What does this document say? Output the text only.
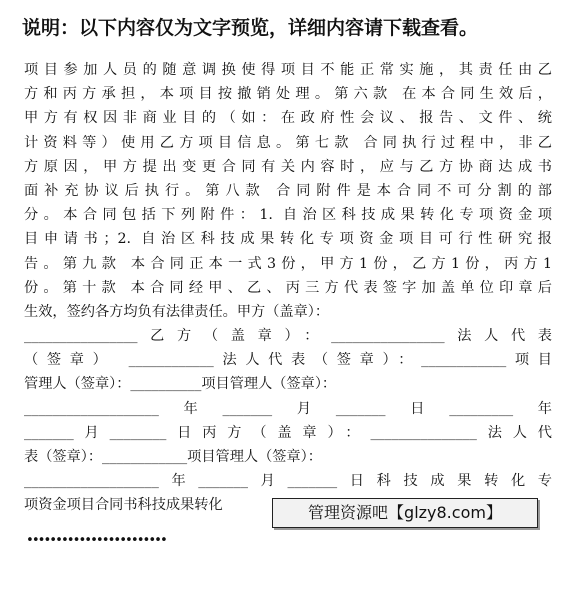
说明：以下内容仅为文字预览，详细内容请下载查看。
项目参加人员的随意调换使得项目不能正常实施，其责任由乙
方和丙方承担，本项目按撤销处理。第六款 在本合同生效后，
甲方有权因非商业目的（如：在政府性会议、报告、文件、统
计资料等）使用乙方项目信息。第七款 合同执行过程中，非乙
方原因，甲方提出变更合同有关内容时，应与乙方协商达成书
面补充协议后执行。第八款 合同附件是本合同不可分割的部
分。本合同包括下列附件：1. 自治区科技成果转化专项资金项
目申请书；2. 自治区科技成果转化专项资金项目可行性研究报
告。第九款 本合同正本一式3份，甲方1份，乙方1份，丙方1
份。第十款 本合同经甲、乙、丙三方代表签字加盖单位印章后
生效，签约各方均负有法律责任。甲方（盖章）：
________________乙方（盖章）：________________法人代表
（签章） ____________法人代表（签章）：____________项目
管理人（签章）：__________项目管理人（签章）：
___________________年_______月_______日_________年
_______月________日丙方（盖章）：_______________法人代
表（签章）：____________项目管理人（签章）：
___________________年_______月_______日科技成果转化专
项资金项目合同书科技成果转化	管理资源吧【glzy8.com】
••••••••••••••••••••••••
